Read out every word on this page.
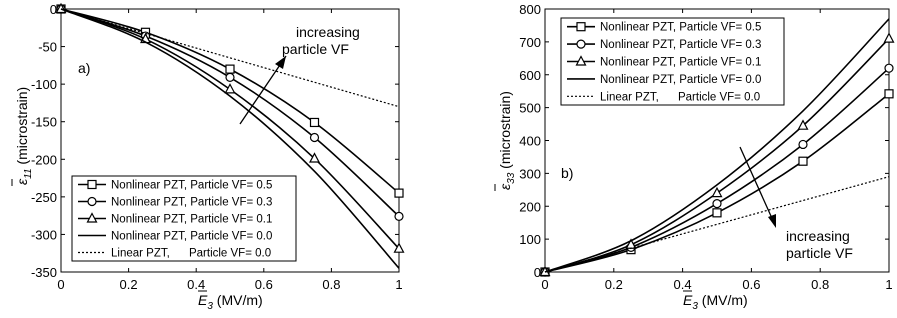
0	0.2	0.4	0.6	0.8	1
0
-50
-100
-150
-200
-250
-300
-350
Nonlinear PZT, Particle VF= 0.5
Nonlinear PZT, Particle VF= 0.3
Nonlinear PZT, Particle VF= 0.1
Nonlinear PZT, Particle VF= 0.0
Linear PZT,      Particle VF= 0.0
a)
increasing
particle VF
$\varepsilon_{11}$ (microstrain)
$E_3$ (MV/m)
0	0.2	0.4	0.6	0.8	1
0
100
200
300
400
500
600
700
800
Nonlinear PZT, Particle VF= 0.5
Nonlinear PZT, Particle VF= 0.3
Nonlinear PZT, Particle VF= 0.1
Nonlinear PZT, Particle VF= 0.0
Linear PZT,      Particle VF= 0.0
b)
increasing
particle VF
$\varepsilon_{33}$ (microstrain)
$E_3$ (MV/m)
